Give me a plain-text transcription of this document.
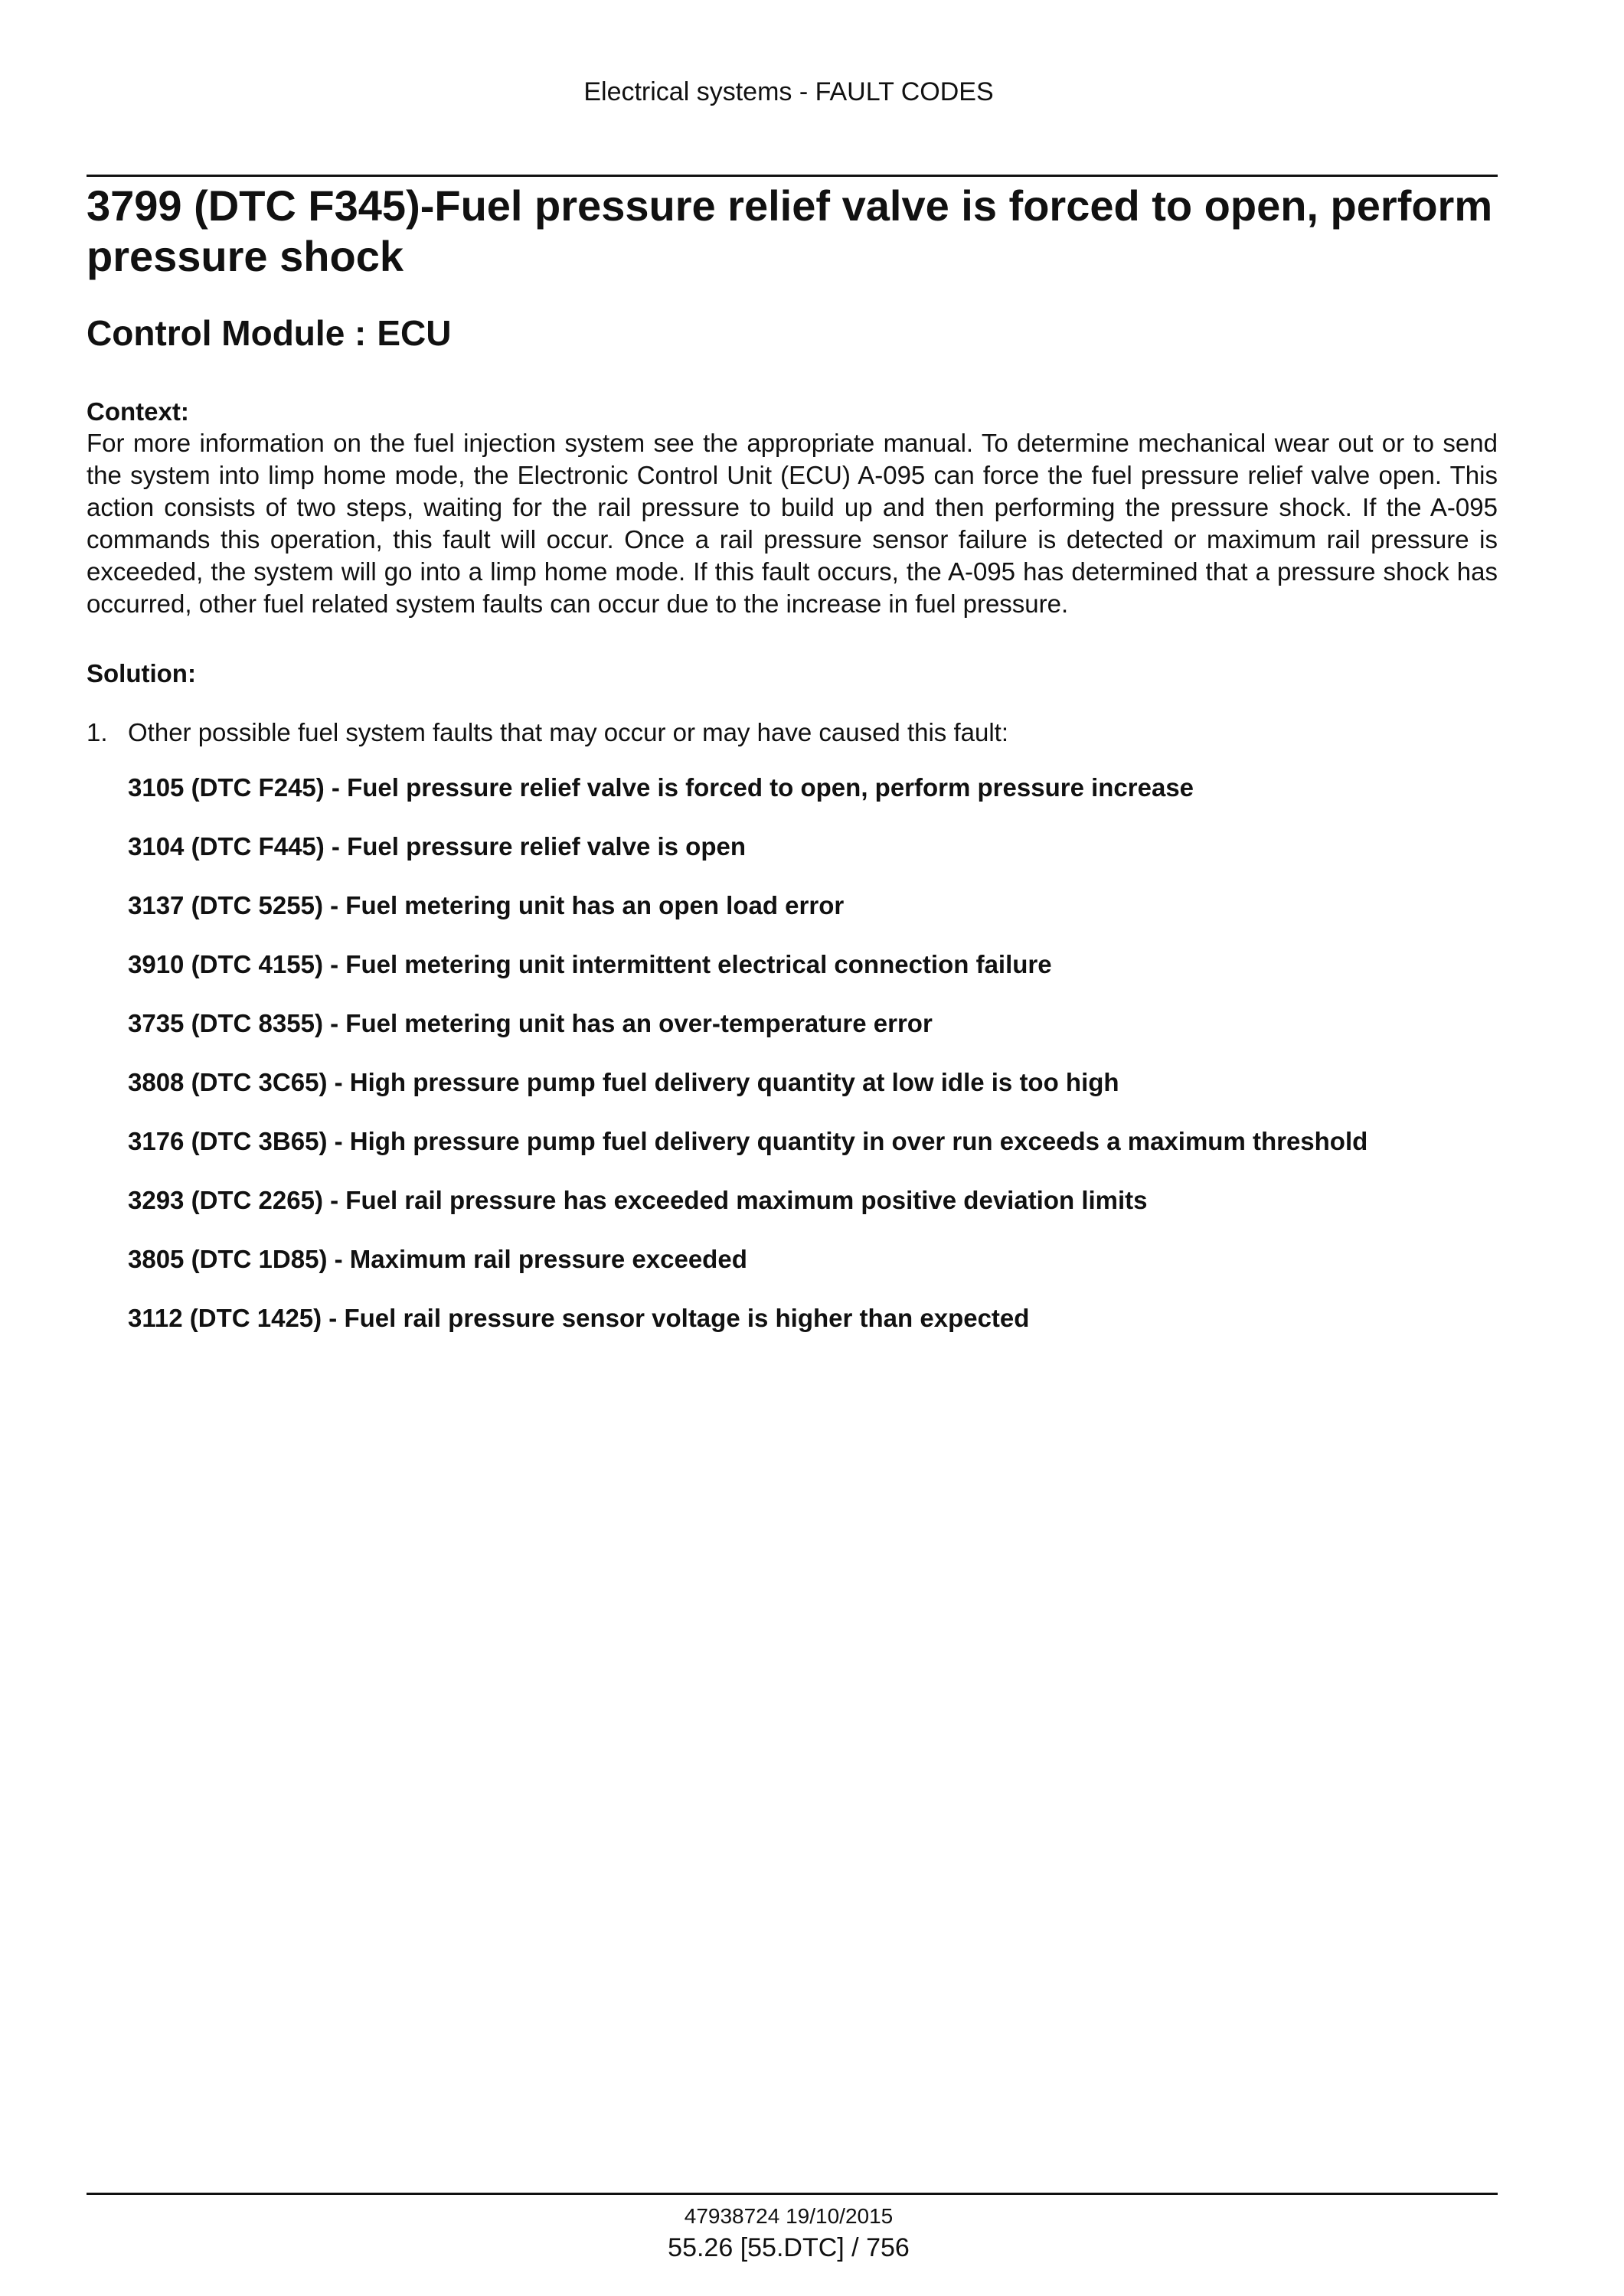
Electrical systems - FAULT CODES
3799 (DTC F345)-Fuel pressure relief valve is forced to open, perform pressure shock
Control Module : ECU
Context:
For more information on the fuel injection system see the appropriate manual. To determine mechanical wear out or to send the system into limp home mode, the Electronic Control Unit (ECU) A-095 can force the fuel pressure relief valve open. This action consists of two steps, waiting for the rail pressure to build up and then performing the pressure shock. If the A-095 commands this operation, this fault will occur. Once a rail pressure sensor failure is detected or maximum rail pressure is exceeded, the system will go into a limp home mode. If this fault occurs, the A-095 has determined that a pressure shock has occurred, other fuel related system faults can occur due to the increase in fuel pressure.
Solution:
1. Other possible fuel system faults that may occur or may have caused this fault:
3105 (DTC F245) - Fuel pressure relief valve is forced to open, perform pressure increase
3104 (DTC F445) - Fuel pressure relief valve is open
3137 (DTC 5255) - Fuel metering unit has an open load error
3910 (DTC 4155) - Fuel metering unit intermittent electrical connection failure
3735 (DTC 8355) - Fuel metering unit has an over-temperature error
3808 (DTC 3C65) - High pressure pump fuel delivery quantity at low idle is too high
3176 (DTC 3B65) - High pressure pump fuel delivery quantity in over run exceeds a maximum threshold
3293 (DTC 2265) - Fuel rail pressure has exceeded maximum positive deviation limits
3805 (DTC 1D85) - Maximum rail pressure exceeded
3112 (DTC 1425) - Fuel rail pressure sensor voltage is higher than expected
47938724 19/10/2015
55.26 [55.DTC] / 756
